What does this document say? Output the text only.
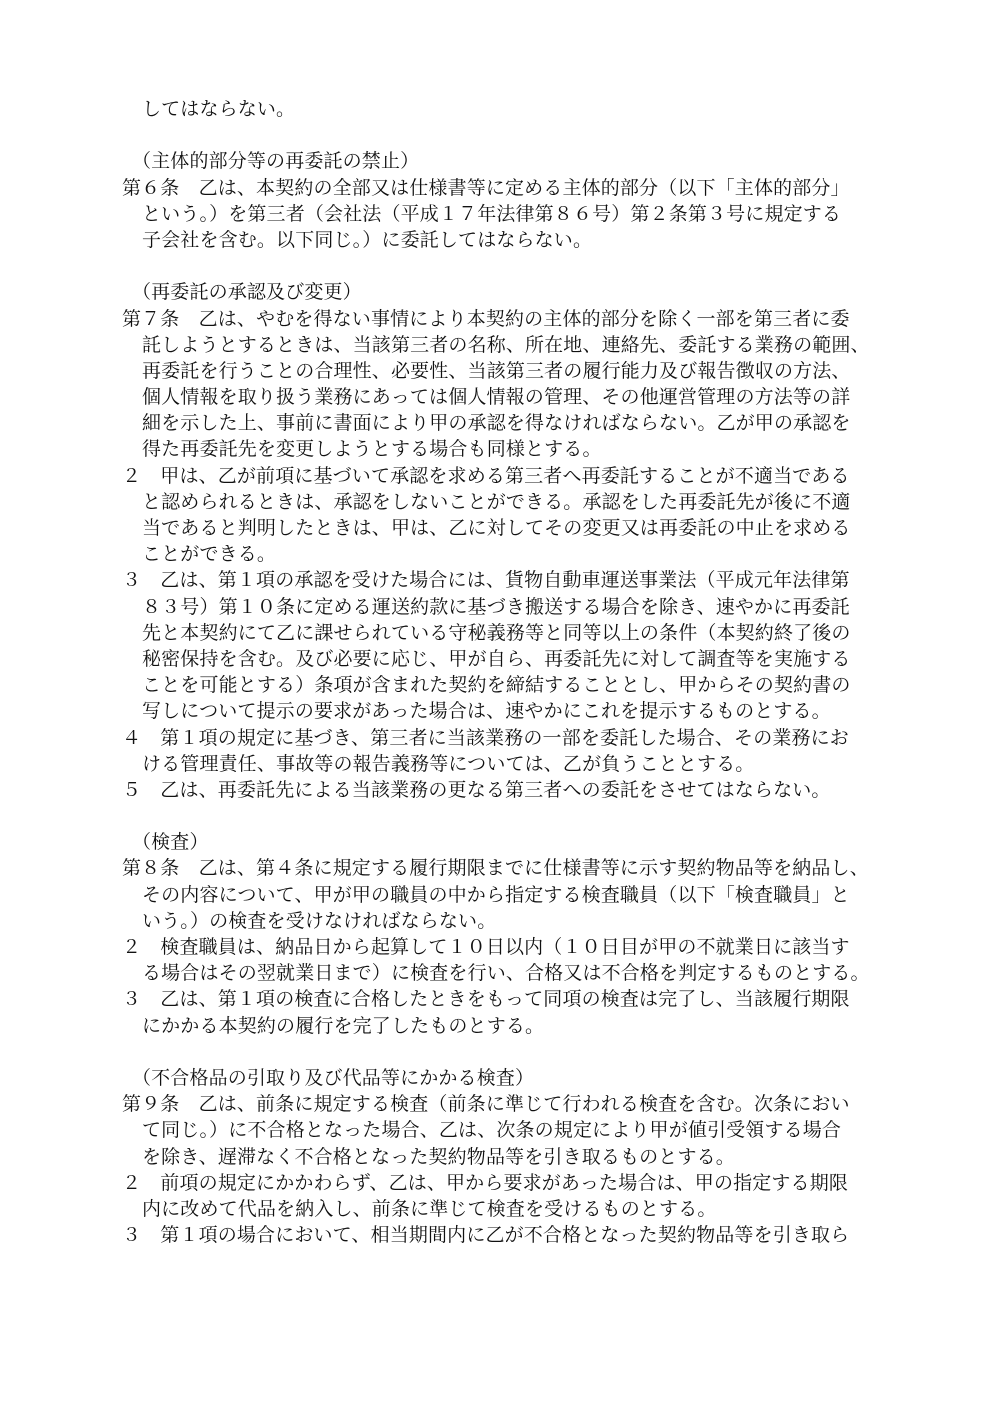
してはならない。
（主体的部分等の再委託の禁止）
第６条　乙は、本契約の全部又は仕様書等に定める主体的部分（以下「主体的部分」
という。）を第三者（会社法（平成１７年法律第８６号）第２条第３号に規定する
子会社を含む。以下同じ。）に委託してはならない。
（再委託の承認及び変更）
第７条　乙は、やむを得ない事情により本契約の主体的部分を除く一部を第三者に委
託しようとするときは、当該第三者の名称、所在地、連絡先、委託する業務の範囲、
再委託を行うことの合理性、必要性、当該第三者の履行能力及び報告徴収の方法、
個人情報を取り扱う業務にあっては個人情報の管理、その他運営管理の方法等の詳
細を示した上、事前に書面により甲の承認を得なければならない。乙が甲の承認を
得た再委託先を変更しようとする場合も同様とする。
２　甲は、乙が前項に基づいて承認を求める第三者へ再委託することが不適当である
と認められるときは、承認をしないことができる。承認をした再委託先が後に不適
当であると判明したときは、甲は、乙に対してその変更又は再委託の中止を求める
ことができる。
３　乙は、第１項の承認を受けた場合には、貨物自動車運送事業法（平成元年法律第
８３号）第１０条に定める運送約款に基づき搬送する場合を除き、速やかに再委託
先と本契約にて乙に課せられている守秘義務等と同等以上の条件（本契約終了後の
秘密保持を含む。及び必要に応じ、甲が自ら、再委託先に対して調査等を実施する
ことを可能とする）条項が含まれた契約を締結することとし、甲からその契約書の
写しについて提示の要求があった場合は、速やかにこれを提示するものとする。
４　第１項の規定に基づき、第三者に当該業務の一部を委託した場合、その業務にお
ける管理責任、事故等の報告義務等については、乙が負うこととする。
５　乙は、再委託先による当該業務の更なる第三者への委託をさせてはならない。
（検査）
第８条　乙は、第４条に規定する履行期限までに仕様書等に示す契約物品等を納品し、
その内容について、甲が甲の職員の中から指定する検査職員（以下「検査職員」と
いう。）の検査を受けなければならない。
２　検査職員は、納品日から起算して１０日以内（１０日目が甲の不就業日に該当す
る場合はその翌就業日まで）に検査を行い、合格又は不合格を判定するものとする。
３　乙は、第１項の検査に合格したときをもって同項の検査は完了し、当該履行期限
にかかる本契約の履行を完了したものとする。
（不合格品の引取り及び代品等にかかる検査）
第９条　乙は、前条に規定する検査（前条に準じて行われる検査を含む。次条におい
て同じ。）に不合格となった場合、乙は、次条の規定により甲が値引受領する場合
を除き、遅滞なく不合格となった契約物品等を引き取るものとする。
２　前項の規定にかかわらず、乙は、甲から要求があった場合は、甲の指定する期限
内に改めて代品を納入し、前条に準じて検査を受けるものとする。
３　第１項の場合において、相当期間内に乙が不合格となった契約物品等を引き取ら
